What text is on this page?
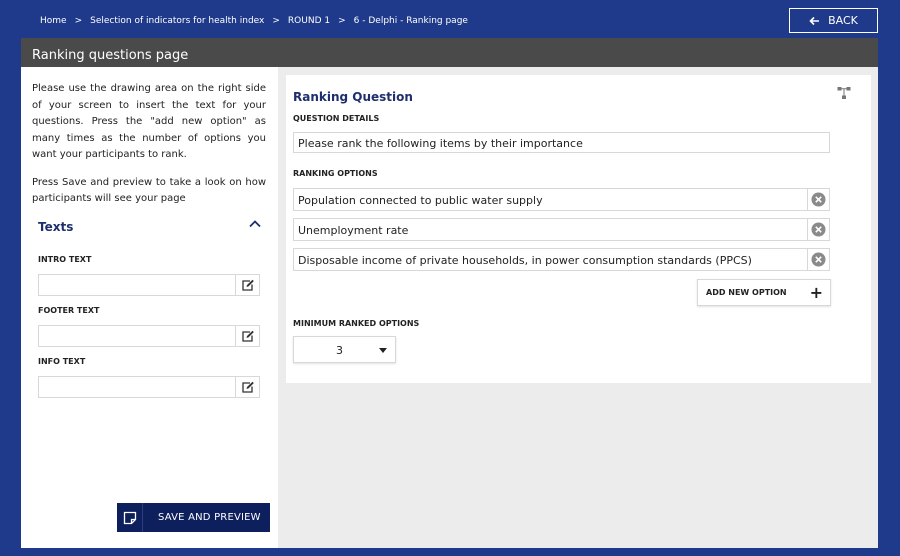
Home > Selection of indicators for health index > ROUND 1 > 6 - Delphi - Ranking page	BACK
Ranking questions page

Please use the drawing area on the right side of your screen to insert the text for your questions. Press the "add new option" as many times as the number of options you want your participants to rank.

Press Save and preview to take a look on how participants will see your page

Texts
INTRO TEXT
FOOTER TEXT
INFO TEXT
SAVE AND PREVIEW
Ranking Question
QUESTION DETAILS
Please rank the following items by their importance
RANKING OPTIONS
Population connected to public water supply
Unemployment rate
Disposable income of private households, in power consumption standards (PPCS)
ADD NEW OPTION +
MINIMUM RANKED OPTIONS
3
